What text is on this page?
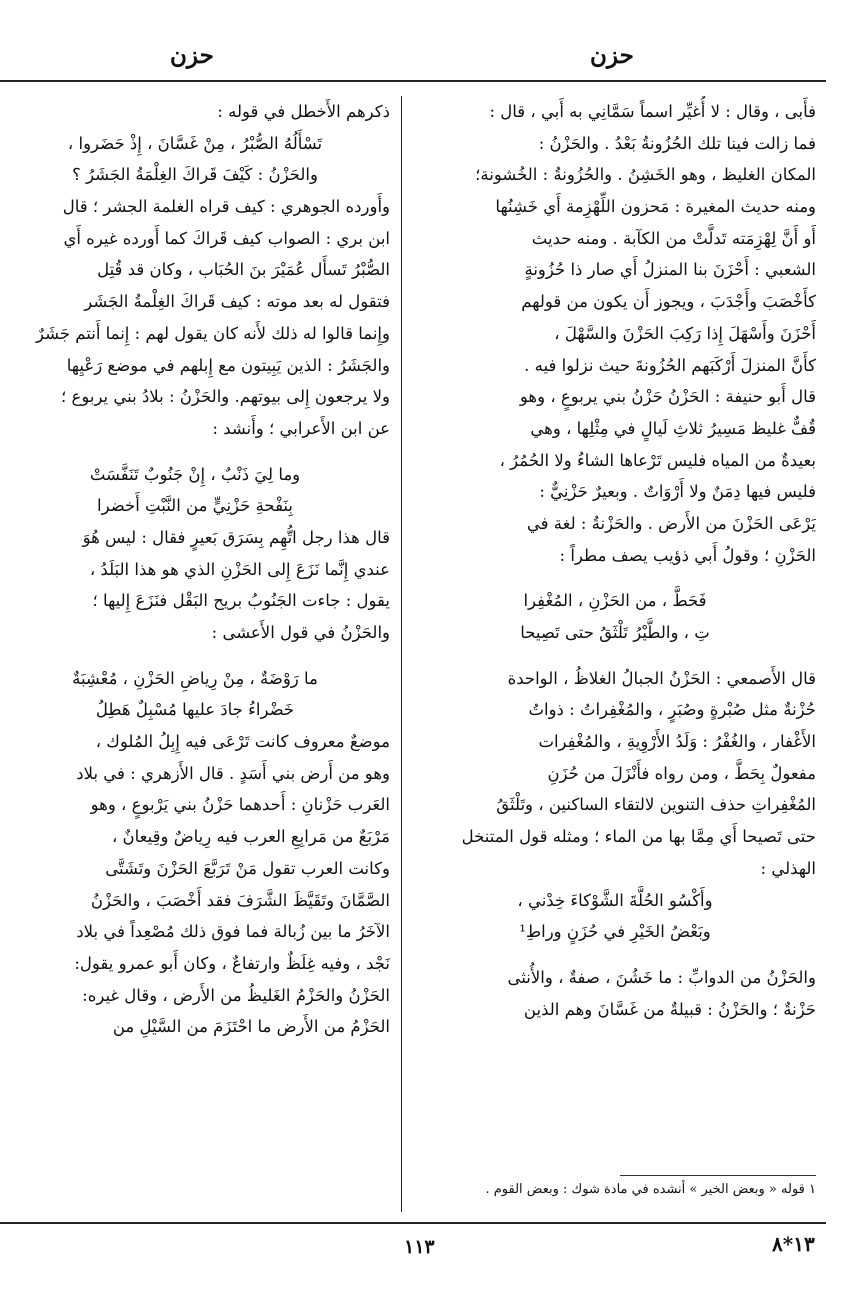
حزن
حزن
فأَبى ، وقال : لا أُغيِّر اسماً سَمَّانِي به أَبي ، قال :
فما زالت فينا تلك الحُزُونةُ بَعْدُ . والحَزْنُ :
المكان الغليظ ، وهو الخَشِنُ . والحُزُونةُ : الخُشونة؛
ومنه حديث المغيرة : مَحزون اللِّهْزِمة أَي خَشِنُها
أَو أَنَّ لِهْزِمَته تَدلَّتْ من الكآبة . ومنه حديث
الشعبي : أَحْزَنَ بنا المنزلُ أَي صار ذا حُزُونةٍ
كأَخْصَبَ وأَجْدَبَ ، ويجوز أَن يكون من قولهم
أَحْزَنَ وأَسْهَلَ إِذا رَكِبَ الحَزْنَ والسَّهْلَ ،
كأَنَّ المنزلَ أَرْكَبَهم الحُزُونةَ حيث نزلوا فيه .
قال أَبو حنيفة : الحَزْنُ حَزْنُ بني يربوعٍ ، وهو
قُفٌّ غليظ مَسِيرُ ثلاثِ لَيالٍ في مِثْلِها ، وهي
بعيدةٌ من المياه فليس تَرْعاها الشاءُ ولا الحُمُرُ ،
فليس فيها دِمَنٌ ولا أَرْوَاتٌ . وبعيرٌ حَزْنِيٌّ :
يَرْعَى الحَزْنَ من الأَرض . والحَزْنةُ : لغة في
الحَزْنِ ؛ وقولُ أَبي ذؤيب يصف مطراً :
فَحَطَّ ، من الحَزْنِ ، المُغْفِرا
تِ ، والطَّيْرُ تَلْثَقُ حتى تَصِيحا
قال الأَصمعي : الحَزْنُ الجبالُ الغلاظُ ، الواحدة
حُزْنةٌ مثل صُبْرةٍ وصُبَرٍ ، والمُغْفِراتُ : ذواتُ
الأَغْفار ، والغُفْرُ : وَلَدُ الأَرْوِيةِ ، والمُغْفِرات
مفعولٌ بِحَطَّ ، ومن رواه فأَنْزَلَ من حُزَنِ
المُغْفِراتِ حذف التنوين لالتقاء الساكنين ، وتَلْثَقُ
حتى تَصيحا أَي مِمَّا بها من الماء ؛ ومثله قول المتنخل
الهذلي :
وأَكْسُو الحُلَّةَ الشَّوْكاءَ خِدْني ،
وبَعْضُ الخَيْرِ في حُزَنٍ وراطِ¹
والحَزْنُ من الدوابِّ : ما خَشُنَ ، صفةٌ ، والأُنثى
حَزْنةٌ ؛ والحَزْنُ : قبيلةٌ من غَسَّانَ وهم الذين
ذكرهم الأَخطل في قوله :
تَسْأَلُهُ الصُّبْرُ ، مِنْ غَسَّانَ ، إِذْ حَضَروا ،
والحَزْنُ : كَيْفَ قَراكَ الغِلْمَةُ الجَشَرُ ؟
وأَورده الجوهري : كيف قراه الغلمة الجشر ؛ قال
ابن بري : الصواب كيف قَراكَ كما أَورده غيره أَي
الصُّبْرُ تَسأَل عُمَيْرَ بنَ الحُبَاب ، وكان قد قُتِل
فتقول له بعد موته : كيف قَراكَ الغِلْمةُ الجَشَر
وإِنما قالوا له ذلك لأَنه كان يقول لهم : إِنما أَنتم جَشَرٌ
والجَشَرُ : الذين يَبِيتون مع إِبلهم في موضع رَعْيِها
ولا يرجعون إِلى بيوتهم. والحَزْنُ : بلادُ بني يربوع ؛
عن ابن الأَعرابي ؛ وأَنشد :
وما لِيَ ذَنْبٌ ، إِنْ جَنُوبٌ تَنَفَّسَتْ
بِنَفْحةِ حَزْنِيٍّ من النَّبْتِ أَخضرا
قال هذا رجل اتُّهِم بِسَرَق بَعيرٍ فقال : ليس هُوَ
عندي إِنَّما نَزَعَ إِلى الحَزْنِ الذي هو هذا البَلَدُ ،
يقول : جاءت الجَنُوبُ بريح البَقْل فنَزَعَ إِليها ؛
والحَزْنُ في قول الأَعشى :
ما رَوْضَةٌ ، مِنْ رِياضِ الحَزْنِ ، مُعْشِبَةٌ
خَضْراءُ جادَ عليها مُسْبِلٌ هَطِلُ
موضعٌ معروف كانت تَرْعَى فيه إِبِلُ المُلوك ،
وهو من أَرض بني أَسَدٍ . قال الأَزهري : في بلاد
العَرب حَزْنانِ : أَحدهما حَزْنُ بني يَرْبوعٍ ، وهو
مَرْبَعٌ من مَرابِعِ العرب فيه رِياضٌ وقِيعانٌ ،
وكانت العرب تقول مَنْ تَرَبَّعَ الحَزْنَ وتَشَتَّى
الصَّمَّانَ وتَقَيَّظَ الشَّرَفَ فقد أَخْصَبَ ، والحَزْنُ
الآخَرُ ما بين زُبالة فما فوق ذلك مُصْعِداً في بلاد
نَجْد ، وفيه غِلَظٌ وارتفاعٌ ، وكان أَبو عمرو يقول:
الحَزْنُ والحَزْمُ الغَليظُ من الأَرض ، وقال غيره:
الحَزْمُ من الأَرض ما احْتَزَمَ من السَّيْلِ من
١ قوله « وبعض الخير » أنشده في مادة شوك : وبعض القوم .
١١٣	١٣*٨
